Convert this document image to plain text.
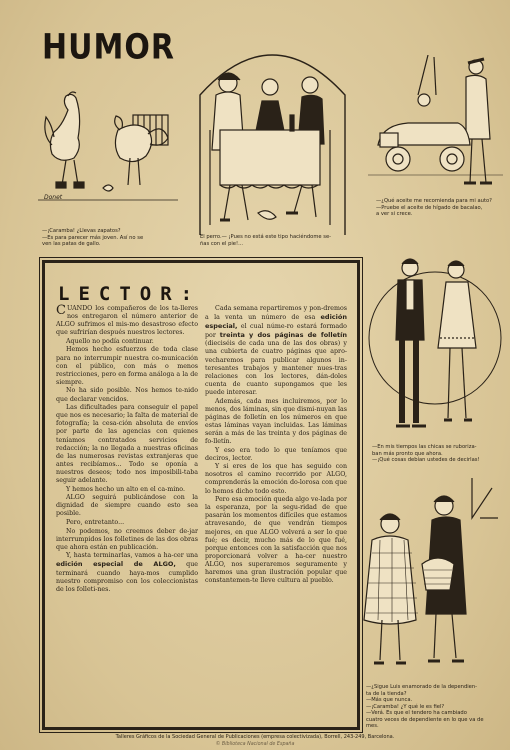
HUMOR
Donet
—¡Caramba! ¿Llevas zapatos?
—Es para parecer más joven. Así no se
ven las patas de gallo.
El perro.— ¡Pues no está este tipo haciéndome se-
ñas con el pie!...
—¿Qué aceite me recomienda para mi auto?
—Pruebe el aceite de hígado de bacalao,
a ver si crece.
LECTOR:

CUANDO los compañeros de los ta-lleres nos entregaron el número anterior de ALGO sufrimos el mis-mo desastroso efecto que sufrirían después nuestros lectores.

Aquello no podía continuar.

Hemos hecho esfuerzos de toda clase para no interrumpir nuestra co-municación con el público, con más o menos restricciones, pero en forma análoga a la de siempre.

No ha sido posible. Nos hemos te-nido que declarar vencidos.

Las dificultades para conseguir el papel que nos es necesario; la falta de material de fotografía; la cesa-ción absoluta de envíos por parte de las agencias con quienes teníamos contratados servicios de redacción; la no llegada a nuestras oficinas de las numerosas revistas extranjeras que antes recibíamos... Todo se oponía a nuestros deseos; todo nos imposibili-taba seguir adelante.

Y hemos hecho un alto en el ca-mino.

ALGO seguirá publicándose con la dignidad de siempre cuando esto sea posible.

Pero, entretanto...

No podemos, no creemos deber de-jar interrumpidos los folletines de las dos obras que ahora están en publicación.

Y, hasta terminarlas, vamos a ha-cer una edición especial de ALGO, que terminará cuando haya-mos cumplido nuestro compromiso con los coleccionistas de los folleti-nes.

Cada semana repartiremos y pon-dremos a la venta un número de esa edición especial, el cual núme-ro estará formado por treinta y dos páginas de folletín (dieciséis de cada una de las dos obras) y una cubierta de cuatro páginas que apro-vecharemos para publicar algunos in-teresantes trabajos y mantener nues-tras relaciones con los lectores, dán-doles cuenta de cuanto supongamos que les puede interesar.

Además, cada mes incluiremos, por lo menos, dos láminas, sin que dismi-nuyan las páginas de folletín en los números en que estas láminas vayan incluidas. Las láminas serán a más de las treinta y dos páginas de fo-lletín.

Y eso era todo lo que teníamos que deciros, lector.

Y si eres de los que has seguido con nosotros el camino recorrido por ALGO, comprenderás la emoción do-lorosa con que lo hemos dicho todo esto.

Pero esa emoción queda algo ve-lada por la esperanza, por la segu-ridad de que pasarán los momentos difíciles que estamos atravesando, de que vendrán tiempos mejores, en que ALGO volverá a ser lo que fué; es decir, mucho más de lo que fué, porque entonces con la satisfacción que nos proporcionará volver a ha-cer nuestro ALGO, nos superaremos seguramente y haremos una gran ilustración popular que constantemen-te lleve cultura al pueblo.

—En mis tiempos las chicas se ruboriza-
ban más pronto que ahora.
—¡Qué cosas debían ustedes de decirlas!
—¿Sigue Luis enamorado de la dependien-
ta de la tienda?
—Más que nunca.
—¡Caramba! ¿Y qué le es fiel?
—Verá. Es que el tendero ha cambiado
cuatro veces de dependiente en lo que va de
mes.
Talleres Gráficos de la Sociedad General de Publicaciones (empresa colectivizada), Borrell, 243-249, Barcelona.
© Biblioteca Nacional de España
